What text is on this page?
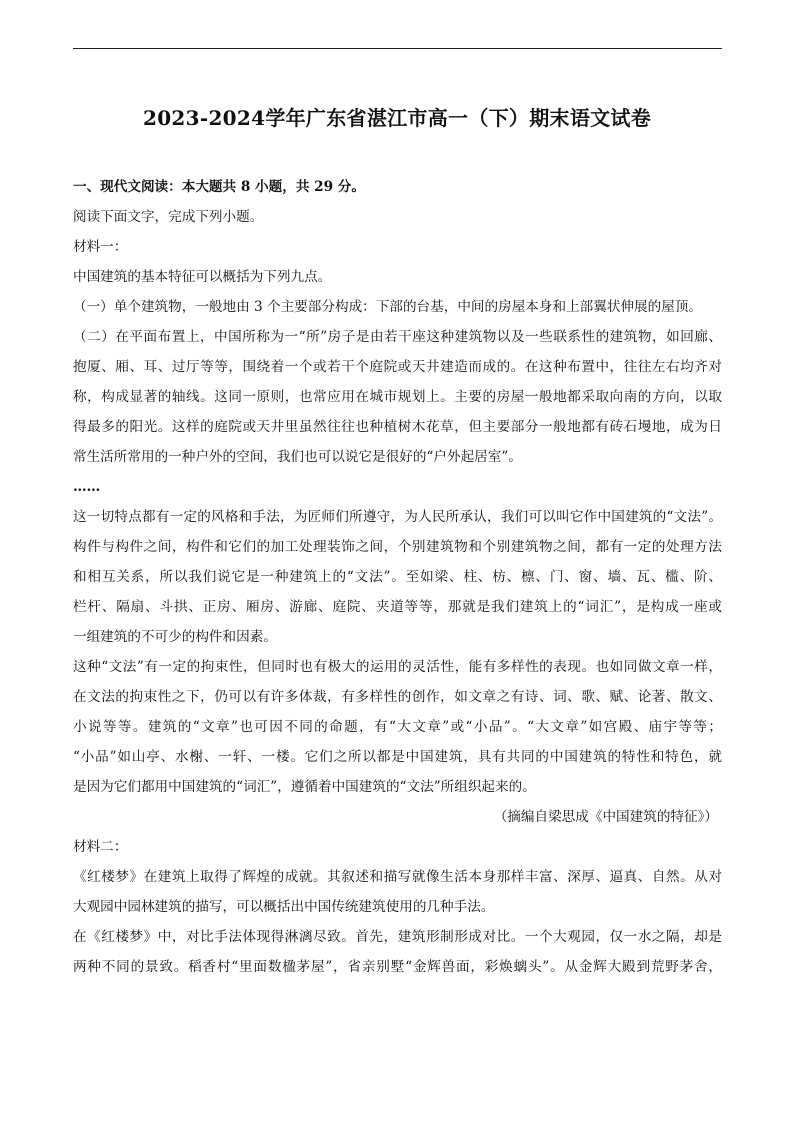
2023-2024学年广东省湛江市高一（下）期末语文试卷
一、现代文阅读：本大题共 8 小题，共 29 分。
阅读下面文字，完成下列小题。
材料一：
中国建筑的基本特征可以概括为下列九点。
（一）单个建筑物，一般地由 3 个主要部分构成：下部的台基，中间的房屋本身和上部翼状伸展的屋顶。
（二）在平面布置上，中国所称为一“所”房子是由若干座这种建筑物以及一些联系性的建筑物，如回廊、
抱厦、厢、耳、过厅等等，围绕着一个或若干个庭院或天井建造而成的。在这种布置中，往往左右均齐对
称，构成显著的轴线。这同一原则，也常应用在城市规划上。主要的房屋一般地都采取向南的方向，以取
得最多的阳光。这样的庭院或天井里虽然往往也种植树木花草，但主要部分一般地都有砖石墁地，成为日
常生活所常用的一种户外的空间，我们也可以说它是很好的“户外起居室”。
……
这一切特点都有一定的风格和手法，为匠师们所遵守，为人民所承认，我们可以叫它作中国建筑的“文法”。
构件与构件之间，构件和它们的加工处理装饰之间，个别建筑物和个别建筑物之间，都有一定的处理方法
和相互关系，所以我们说它是一种建筑上的“文法”。至如梁、柱、枋、檩、门、窗、墙、瓦、槛、阶、
栏杆、隔扇、斗拱、正房、厢房、游廊、庭院、夹道等等，那就是我们建筑上的“词汇”，是构成一座或
一组建筑的不可少的构件和因素。
这种“文法”有一定的拘束性，但同时也有极大的运用的灵活性，能有多样性的表现。也如同做文章一样，
在文法的拘束性之下，仍可以有许多体裁，有多样性的创作，如文章之有诗、词、歌、赋、论著、散文、
小说等等。建筑的“文章”也可因不同的命题，有“大文章”或“小品”。“大文章”如宫殿、庙宇等等；
“小品”如山亭、水榭、一轩、一楼。它们之所以都是中国建筑，具有共同的中国建筑的特性和特色，就
是因为它们都用中国建筑的“词汇”，遵循着中国建筑的“文法”所组织起来的。
（摘编自梁思成《中国建筑的特征》）
材料二：
《红楼梦》在建筑上取得了辉煌的成就。其叙述和描写就像生活本身那样丰富、深厚、逼真、自然。从对
大观园中园林建筑的描写，可以概括出中国传统建筑使用的几种手法。
在《红楼梦》中，对比手法体现得淋漓尽致。首先，建筑形制形成对比。一个大观园，仅一水之隔，却是
两种不同的景致。稻香村“里面数楹茅屋”，省亲别墅“金辉兽面，彩焕螭头”。从金辉大殿到荒野茅舍，
